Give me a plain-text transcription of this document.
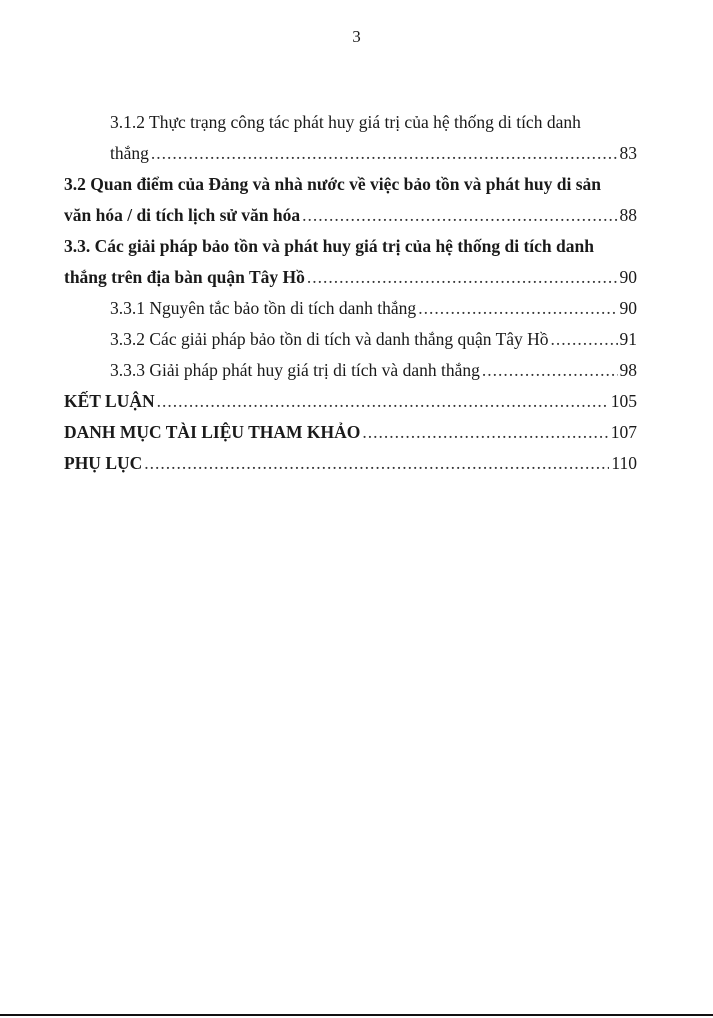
3
3.1.2 Thực trạng công tác phát huy giá trị của hệ thống di tích danh
thắng .....	83
3.2 Quan điểm của Đảng và nhà nước về việc bảo tồn và phát huy di sản
văn hóa / di tích lịch sử văn hóa .....	88
3.3. Các giải pháp bảo tồn và phát huy giá trị của hệ thống di tích danh
thắng trên địa bàn quận Tây Hồ .....	90
3.3.1 Nguyên tắc bảo tồn di tích danh thắng .....	90
3.3.2 Các giải pháp bảo tồn di tích và danh thắng quận Tây Hồ .....	91
3.3.3 Giải pháp phát huy giá trị di tích và danh thắng .....	98
KẾT LUẬN .....	105
DANH MỤC TÀI LIỆU THAM KHẢO .....	107
PHỤ LỤC .....	110
